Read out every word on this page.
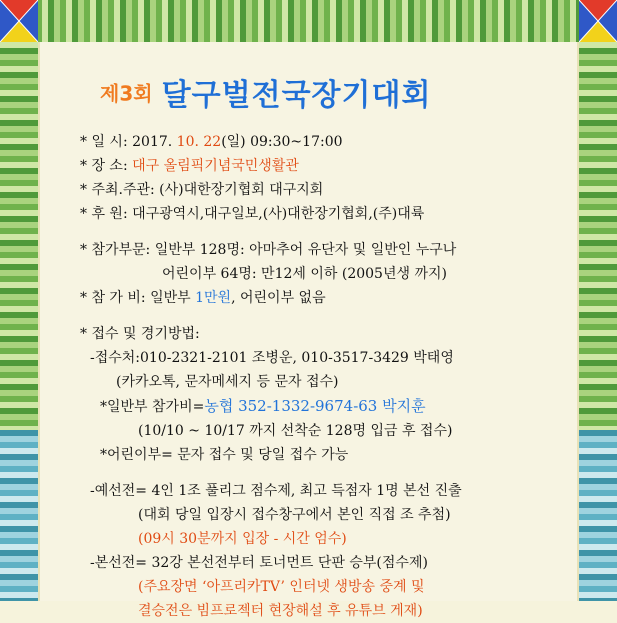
제3회 달구벌전국장기대회
* 일 시: 2017. 10. 22(일) 09:30~17:00
* 장 소: 대구 올림픽기념국민생활관
* 주최.주관: (사)대한장기협회 대구지회
* 후 원: 대구광역시,대구일보,(사)대한장기협회,(주)대륙
* 참가부문: 일반부 128명: 아마추어 유단자 및 일반인 누구나
어린이부 64명: 만12세 이하 (2005년생 까지)
* 참 가 비: 일반부 1만원, 어린이부 없음
* 접수 및 경기방법:
-접수처:010-2321-2101 조병운, 010-3517-3429 박태영
(카카오톡, 문자메세지 등 문자 접수)
*일반부 참가비=농협 352-1332-9674-63 박지훈
(10/10 ~ 10/17 까지 선착순 128명 입금 후 접수)
*어린이부= 문자 접수 및 당일 접수 가능
-예선전= 4인 1조 풀리그 점수제, 최고 득점자 1명 본선 진출
(대회 당일 입장시 접수창구에서 본인 직접 조 추첨)
(09시 30분까지 입장 - 시간 엄수)
-본선전= 32강 본선전부터 토너먼트 단판 승부(점수제)
(주요장면 ‘아프리카TV’ 인터넷 생방송 중계 및
결승전은 빔프로젝터 현장해설 후 유튜브 게재)
